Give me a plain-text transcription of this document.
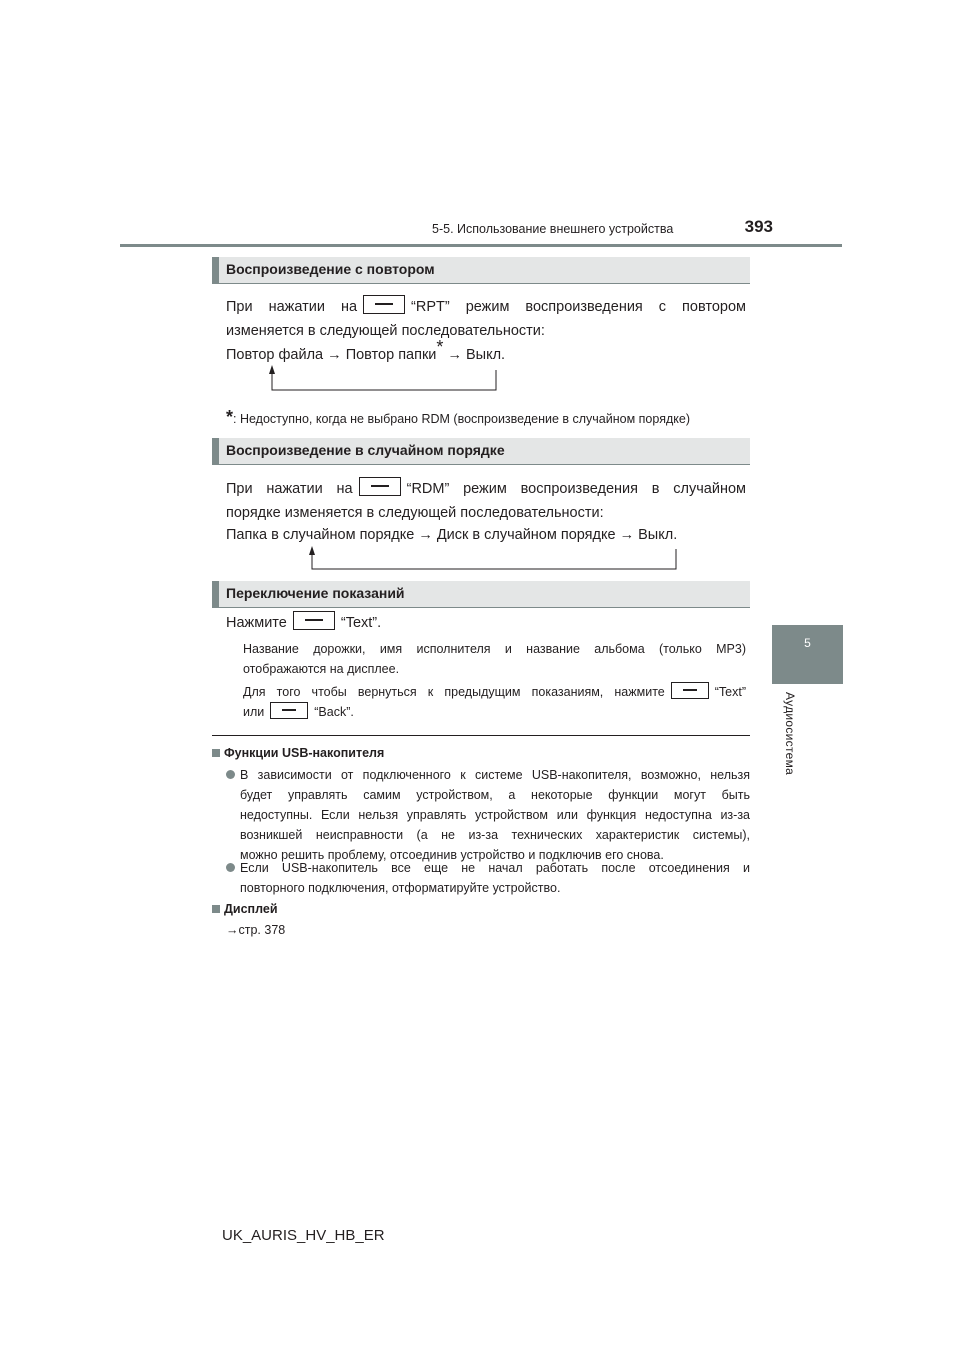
5-5. Использование внешнего устройства	393
5
Аудиосистема
Воспроизведение с повтором
При нажатии на	“RPT” режим воспроизведения с повтором
изменяется в следующей последовательности:
Повтор файла → Повтор папки* → Выкл.
*: Недоступно, когда не выбрано RDM (воспроизведение в случайном порядке)
Воспроизведение в случайном порядке
При нажатии на	“RDM” режим воспроизведения в случайном
порядке изменяется в следующей последовательности:
Папка в случайном порядке → Диск в случайном порядке → Выкл.
Переключение показаний
Нажмите	“Text”.
Название дорожки, имя исполнителя и название альбома (только MP3)
отображаются на дисплее.
Для того чтобы вернуться к предыдущим показаниям, нажмите	“Text”
или	“Back”.
Функции USB-накопителя
В зависимости от подключенного к системе USB-накопителя, возможно, нельзя
будет управлять самим устройством, а некоторые функции могут быть
недоступны. Если нельзя управлять устройством или функция недоступна из-за
возникшей неисправности (а не из-за технических характеристик системы),
можно решить проблему, отсоединив устройство и подключив его снова.
Если USB-накопитель все еще не начал работать после отсоединения и
повторного подключения, отформатируйте устройство.
Дисплей
→стр. 378
UK_AURIS_HV_HB_ER
